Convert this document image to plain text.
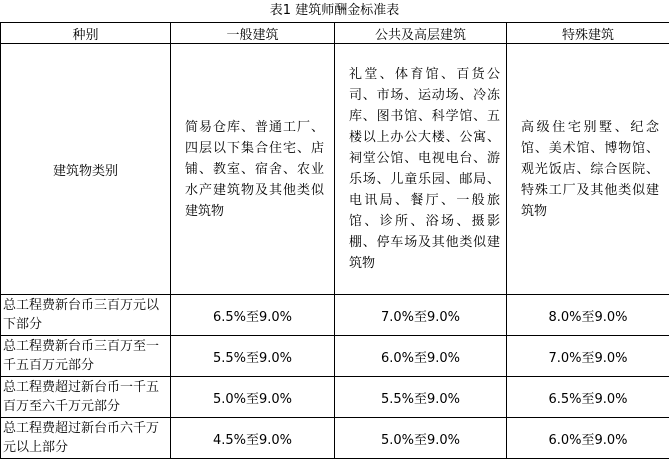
表1 建筑师酬金标准表
种别	一般建筑	公共及高层建筑	特殊建筑
建筑物类别	简易仓库、普通工厂、四层以下集合住宅、店铺、教室、宿舍、农业水产建筑物及其他类似建筑物	礼堂、体育馆、百货公司、市场、运动场、冷冻库、图书馆、科学馆、五楼以上办公大楼、公寓、祠堂公馆、电视电台、游乐场、儿童乐园、邮局、电讯局、餐厅、一般旅馆、诊所、浴场、摄影棚、停车场及其他类似建筑物	高级住宅别墅、纪念馆、美术馆、博物馆、观光饭店、综合医院、特殊工厂及其他类似建筑物
总工程费新台币三百万元以下部分	6.5%至9.0%	7.0%至9.0%	8.0%至9.0%
总工程费新台币三百万至一千五百万元部分	5.5%至9.0%	6.0%至9.0%	7.0%至9.0%
总工程费超过新台币一千五百万至六千万元部分	5.0%至9.0%	5.5%至9.0%	6.5%至9.0%
总工程费超过新台币六千万元以上部分	4.5%至9.0%	5.0%至9.0%	6.0%至9.0%
